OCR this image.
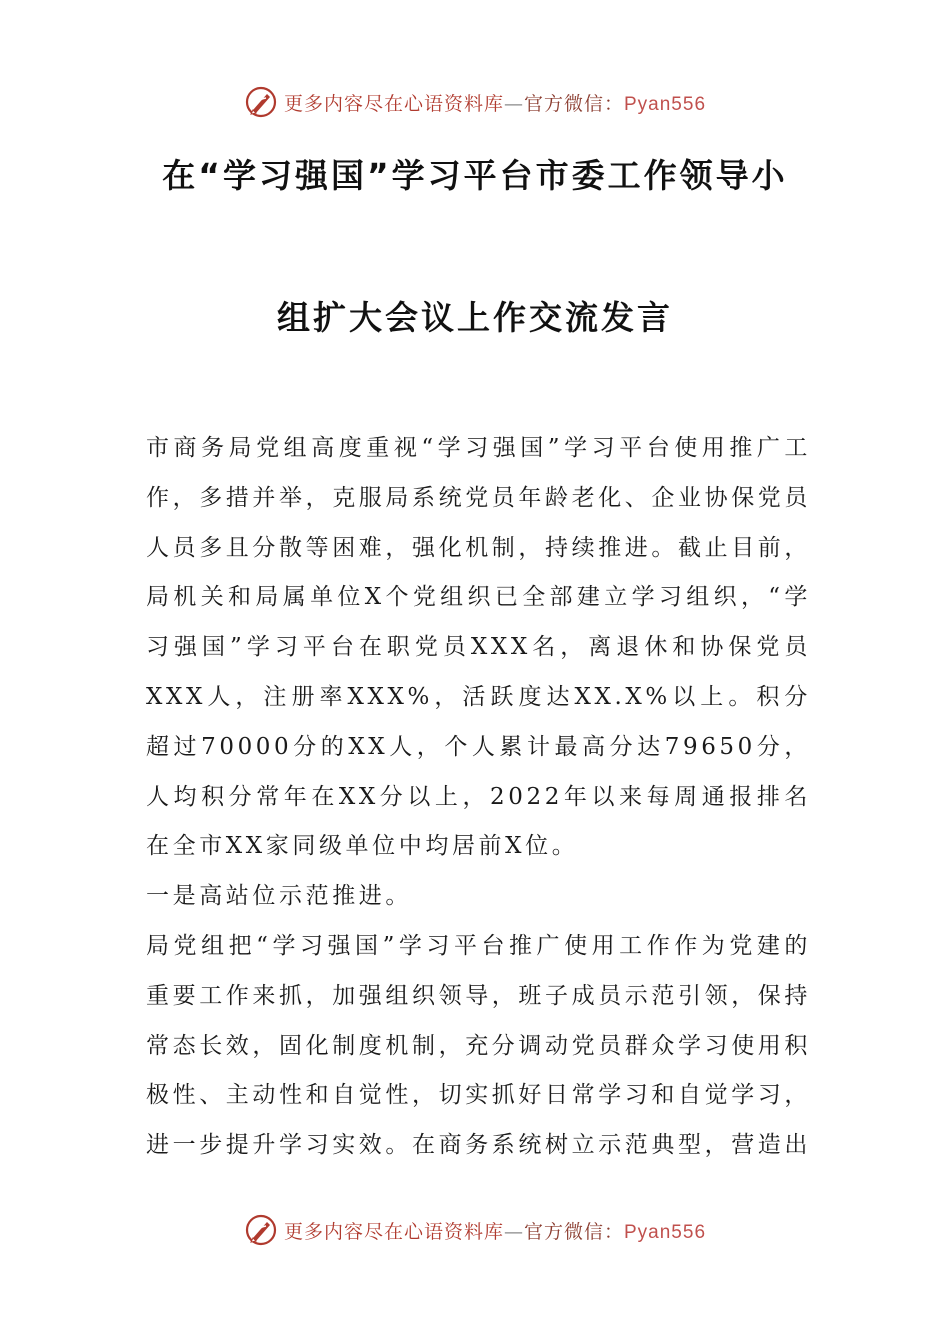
更多内容尽在心语资料库—官方微信：Pyan556
在“学习强国”学习平台市委工作领导小
组扩大会议上作交流发言

市商务局党组高度重视“学习强国”学习平台使用推广工作，多措并举，克服局系统党员年龄老化、企业协保党员人员多且分散等困难，强化机制，持续推进。截止目前，局机关和局属单位X个党组织已全部建立学习组织，“学习强国”学习平台在职党员XXX名，离退休和协保党员XXX人，注册率XXX%，活跃度达XX.X%以上。积分超过70000分的XX人，个人累计最高分达79650分，人均积分常年在XX分以上，2022年以来每周通报排名在全市XX家同级单位中均居前X位。

一是高站位示范推进。

局党组把“学习强国”学习平台推广使用工作作为党建的重要工作来抓，加强组织领导，班子成员示范引领，保持常态长效，固化制度机制，充分调动党员群众学习使用积极性、主动性和自觉性，切实抓好日常学习和自觉学习，进一步提升学习实效。在商务系统树立示范典型，营造出

更多内容尽在心语资料库—官方微信：Pyan556
